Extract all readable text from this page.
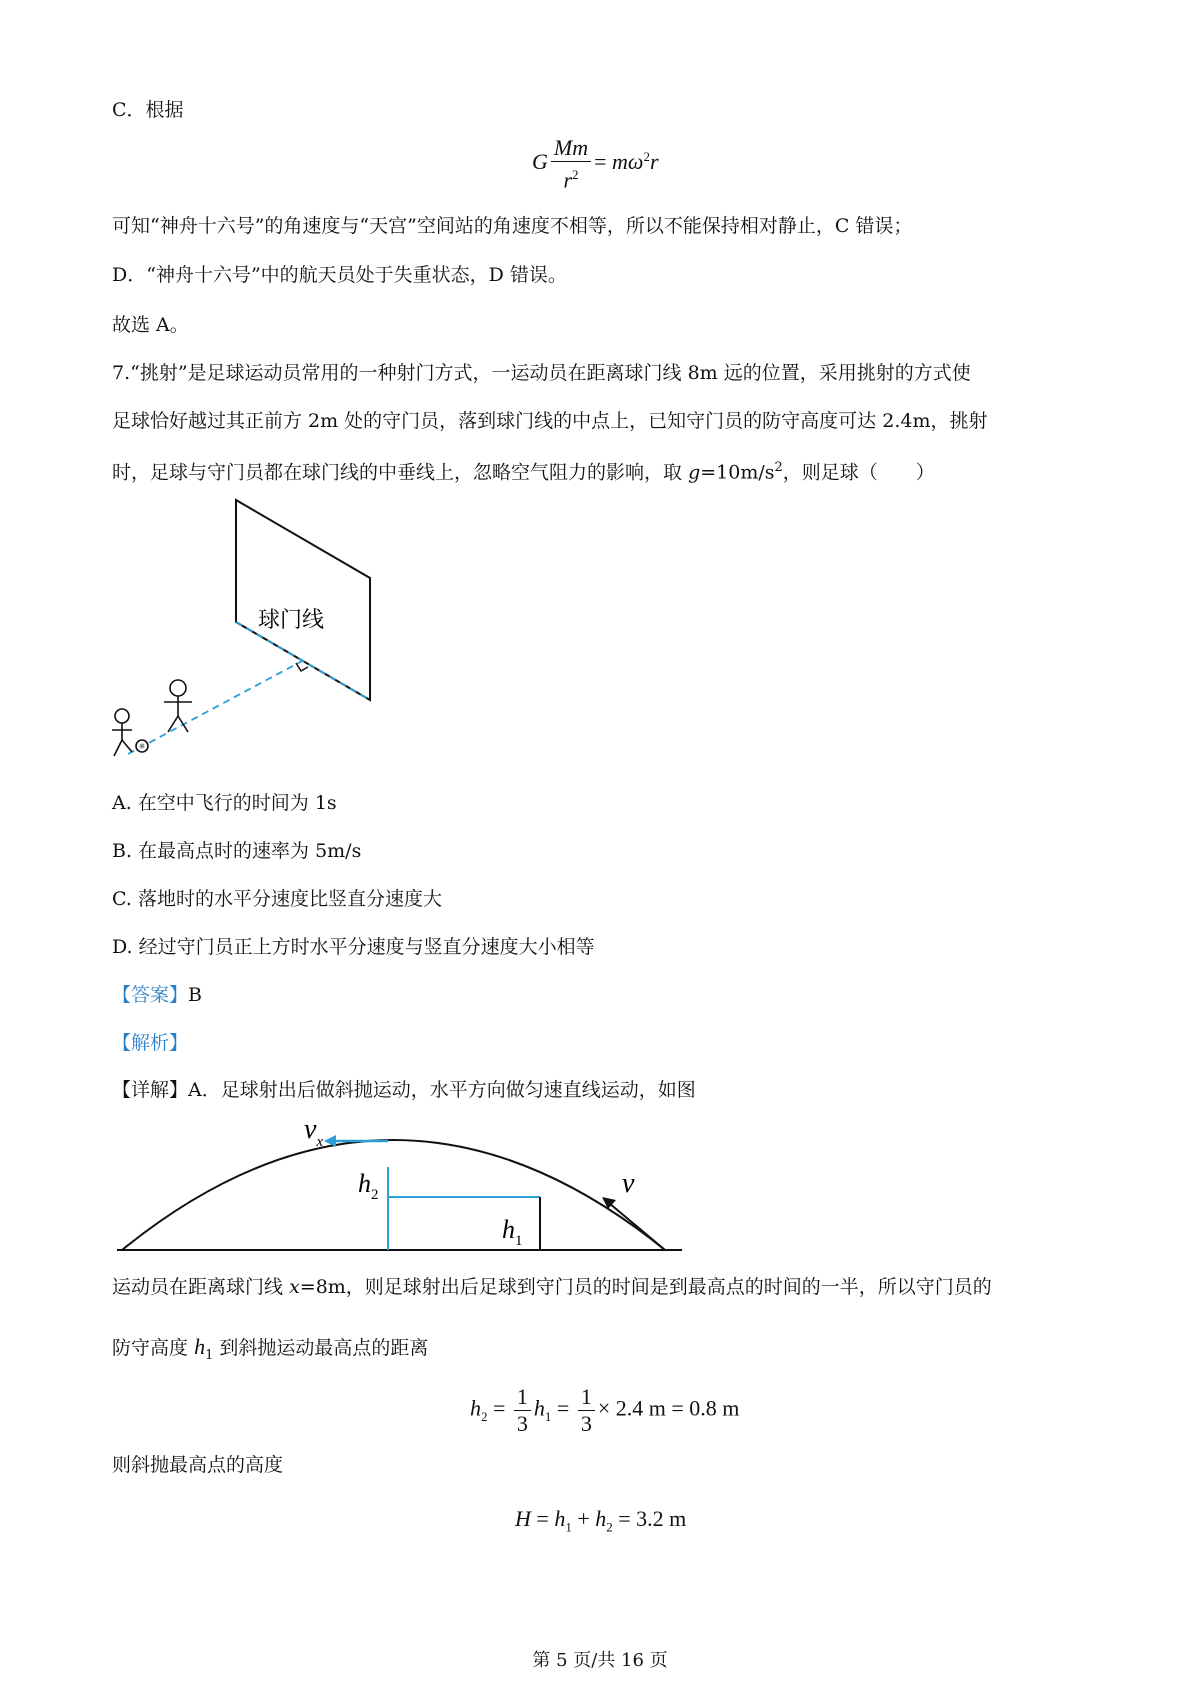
C．根据
G $\frac{Mm}{r^2} = m\omega^2r$
可知“神舟十六号”的角速度与“天宫”空间站的角速度不相等，所以不能保持相对静止，C 错误；
D．“神舟十六号”中的航天员处于失重状态，D 错误。
故选 A。
7.“挑射”是足球运动员常用的一种射门方式，一运动员在距离球门线 8m 远的位置，采用挑射的方式使
足球恰好越过其正前方 2m 处的守门员，落到球门线的中点上，已知守门员的防守高度可达 2.4m，挑射
时，足球与守门员都在球门线的中垂线上，忽略空气阻力的影响，取 $g=10m/s^2$，则足球（　　）
球门线
A. 在空中飞行的时间为 1s
B. 在最高点时的速率为 5m/s
C. 落地时的水平分速度比竖直分速度大
D. 经过守门员正上方时水平分速度与竖直分速度大小相等
【答案】B
【解析】
【详解】A．足球射出后做斜抛运动，水平方向做匀速直线运动，如图
$v_x$
v
$h_2$
$h_1$
运动员在距离球门线 x=8m，则足球射出后足球到守门员的时间是到最高点的时间的一半，所以守门员的
防守高度 $h_1$ 到斜抛运动最高点的距离
$h_2 = \frac{1}{3} h_1 = \frac{1}{3} \times 2.4$ m = 0.8 m
则斜抛最高点的高度
$H = h_1 + h_2 = 3.2$ m
第 5 页/共 16 页
